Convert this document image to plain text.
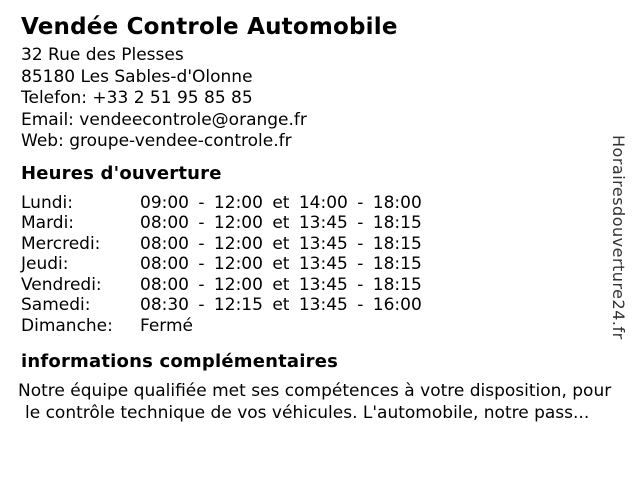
Vendée Controle Automobile
32 Rue des Plesses
85180 Les Sables-d'Olonne
Telefon: +33 2 51 95 85 85
Email: vendeecontrole@orange.fr
Web: groupe-vendee-controle.fr
Heures d'ouverture
Lundi:	09:00 - 12:00 et 14:00 - 18:00
Mardi:	08:00 - 12:00 et 13:45 - 18:15
Mercredi:	08:00 - 12:00 et 13:45 - 18:15
Jeudi:	08:00 - 12:00 et 13:45 - 18:15
Vendredi:	08:00 - 12:00 et 13:45 - 18:15
Samedi:	08:30 - 12:15 et 13:45 - 16:00
Dimanche:	Fermé
informations complémentaires
Notre équipe qualifiée met ses compétences à votre disposition, pour
le contrôle technique de vos véhicules. L'automobile, notre pass...
Horairesdouverture24.fr
